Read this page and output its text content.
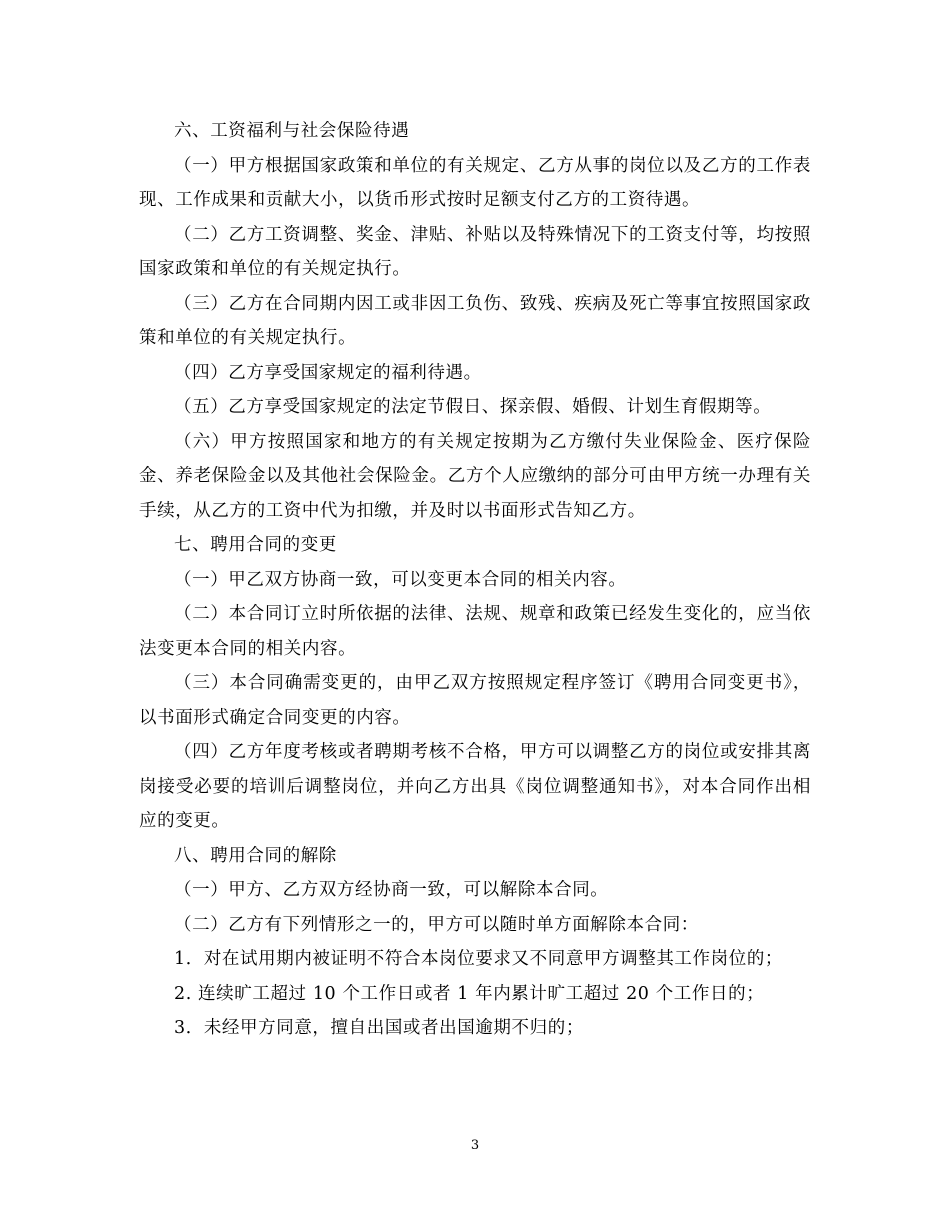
六、工资福利与社会保险待遇

（一）甲方根据国家政策和单位的有关规定、乙方从事的岗位以及乙方的工作表现、工作成果和贡献大小，以货币形式按时足额支付乙方的工资待遇。

（二）乙方工资调整、奖金、津贴、补贴以及特殊情况下的工资支付等，均按照国家政策和单位的有关规定执行。

（三）乙方在合同期内因工或非因工负伤、致残、疾病及死亡等事宜按照国家政策和单位的有关规定执行。

（四）乙方享受国家规定的福利待遇。

（五）乙方享受国家规定的法定节假日、探亲假、婚假、计划生育假期等。

（六）甲方按照国家和地方的有关规定按期为乙方缴付失业保险金、医疗保险金、养老保险金以及其他社会保险金。乙方个人应缴纳的部分可由甲方统一办理有关手续，从乙方的工资中代为扣缴，并及时以书面形式告知乙方。

七、聘用合同的变更

（一）甲乙双方协商一致，可以变更本合同的相关内容。

（二）本合同订立时所依据的法律、法规、规章和政策已经发生变化的，应当依法变更本合同的相关内容。

（三）本合同确需变更的，由甲乙双方按照规定程序签订《聘用合同变更书》，以书面形式确定合同变更的内容。

（四）乙方年度考核或者聘期考核不合格，甲方可以调整乙方的岗位或安排其离岗接受必要的培训后调整岗位，并向乙方出具《岗位调整通知书》，对本合同作出相应的变更。

八、聘用合同的解除

（一）甲方、乙方双方经协商一致，可以解除本合同。

（二）乙方有下列情形之一的，甲方可以随时单方面解除本合同：

1．对在试用期内被证明不符合本岗位要求又不同意甲方调整其工作岗位的；

2. 连续旷工超过 10 个工作日或者 1 年内累计旷工超过 20 个工作日的；

3．未经甲方同意，擅自出国或者出国逾期不归的；

3
